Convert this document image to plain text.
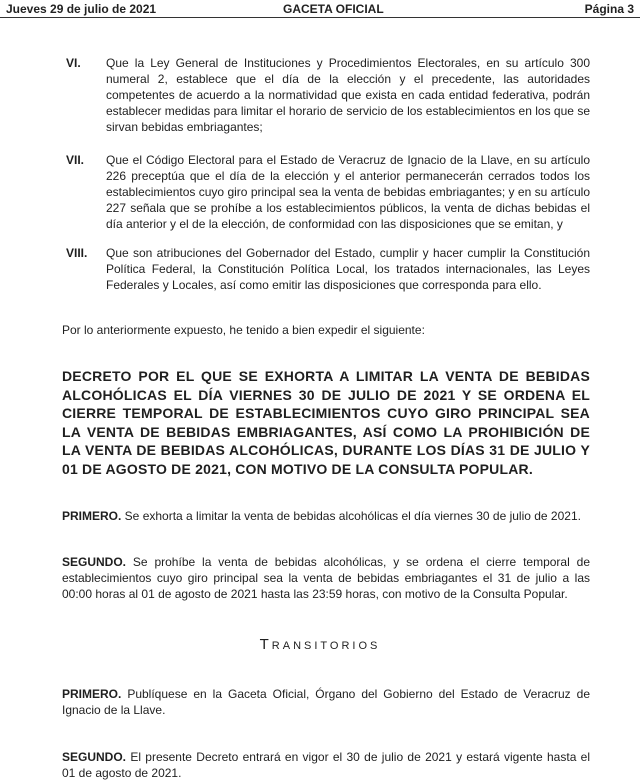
Jueves 29 de julio de 2021	GACETA OFICIAL	Página 3
VI. Que la Ley General de Instituciones y Procedimientos Electorales, en su artículo 300 numeral 2, establece que el día de la elección y el precedente, las autoridades competentes de acuerdo a la normatividad que exista en cada entidad federativa, podrán establecer medidas para limitar el horario de servicio de los establecimientos en los que se sirvan bebidas embriagantes;
VII. Que el Código Electoral para el Estado de Veracruz de Ignacio de la Llave, en su artículo 226 preceptúa que el día de la elección y el anterior permanecerán cerrados todos los establecimientos cuyo giro principal sea la venta de bebidas embriagantes; y en su artículo 227 señala que se prohíbe a los establecimientos públicos, la venta de dichas bebidas el día anterior y el de la elección, de conformidad con las disposiciones que se emitan, y
VIII. Que son atribuciones del Gobernador del Estado, cumplir y hacer cumplir la Constitución Política Federal, la Constitución Política Local, los tratados internacionales, las Leyes Federales y Locales, así como emitir las disposiciones que corresponda para ello.
Por lo anteriormente expuesto, he tenido a bien expedir el siguiente:
DECRETO POR EL QUE SE EXHORTA A LIMITAR LA VENTA DE BEBIDAS ALCOHÓLICAS EL DÍA VIERNES 30 DE JULIO DE 2021 Y SE ORDENA EL CIERRE TEMPORAL DE ESTABLECIMIENTOS CUYO GIRO PRINCIPAL SEA LA VENTA DE BEBIDAS EMBRIAGANTES, ASÍ COMO LA PROHIBICIÓN DE LA VENTA DE BEBIDAS ALCOHÓLICAS, DURANTE LOS DÍAS 31 DE JULIO Y 01 DE AGOSTO DE 2021, CON MOTIVO DE LA CONSULTA POPULAR.
PRIMERO. Se exhorta a limitar la venta de bebidas alcohólicas el día viernes 30 de julio de 2021.
SEGUNDO. Se prohíbe la venta de bebidas alcohólicas, y se ordena el cierre temporal de establecimientos cuyo giro principal sea la venta de bebidas embriagantes el 31 de julio a las 00:00 horas al 01 de agosto de 2021 hasta las 23:59 horas, con motivo de la Consulta Popular.
Transitorios
PRIMERO. Publíquese en la Gaceta Oficial, Órgano del Gobierno del Estado de Veracruz de Ignacio de la Llave.
SEGUNDO. El presente Decreto entrará en vigor el 30 de julio de 2021 y estará vigente hasta el 01 de agosto de 2021.
